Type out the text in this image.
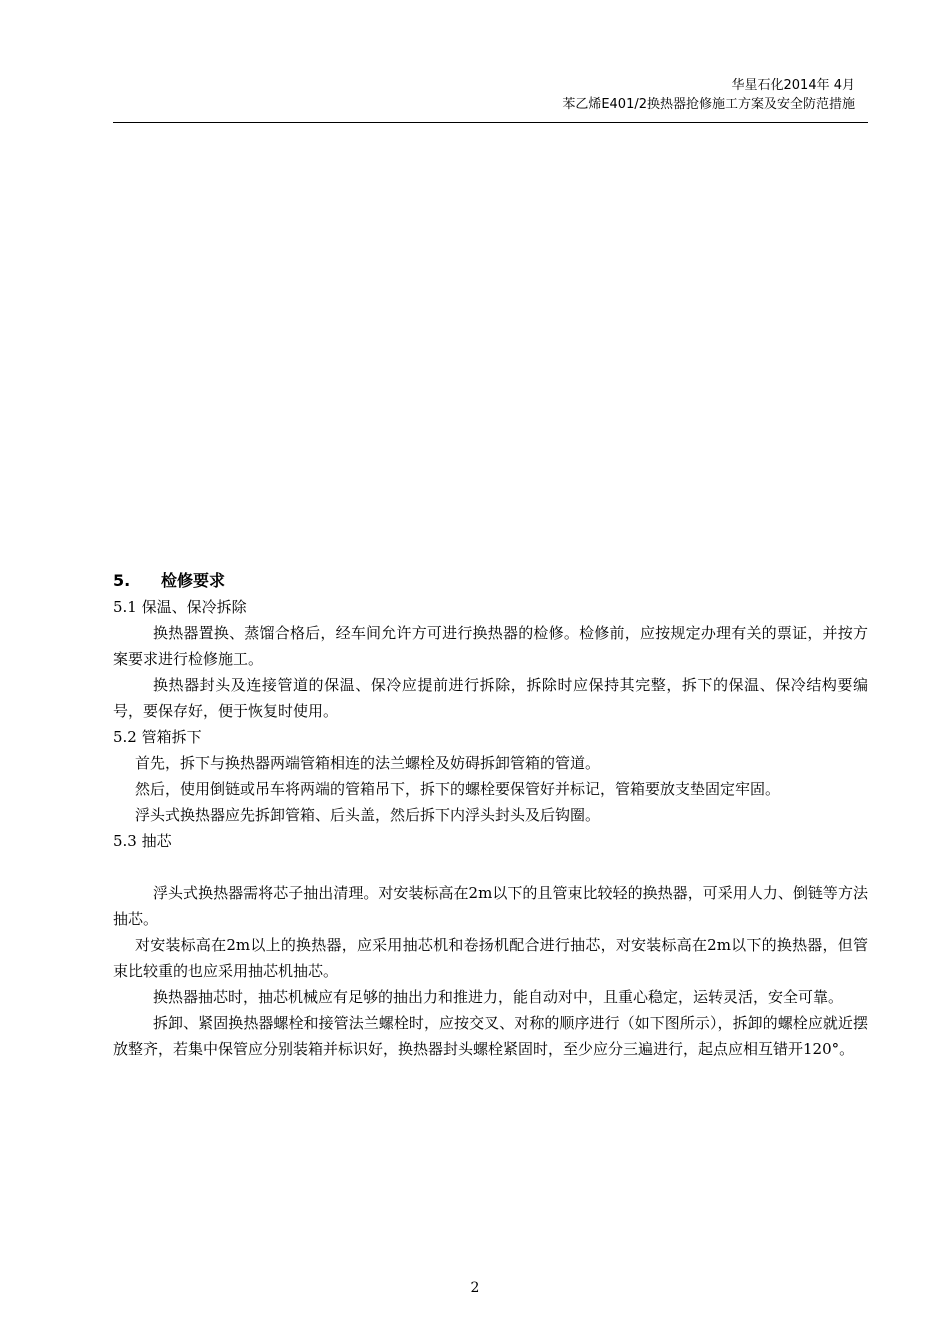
华星石化2014年 4月
苯乙烯E401/2换热器抢修施工方案及安全防范措施
5. 检修要求
5.1 保温、保冷拆除

换热器置换、蒸馏合格后，经车间允许方可进行换热器的检修。检修前，应按规定办理有关的票证，并按方案要求进行检修施工。

换热器封头及连接管道的保温、保冷应提前进行拆除，拆除时应保持其完整，拆下的保温、保冷结构要编号，要保存好，便于恢复时使用。

5.2 管箱拆下

首先，拆下与换热器两端管箱相连的法兰螺栓及妨碍拆卸管箱的管道。

然后，使用倒链或吊车将两端的管箱吊下，拆下的螺栓要保管好并标记，管箱要放支垫固定牢固。

浮头式换热器应先拆卸管箱、后头盖，然后拆下内浮头封头及后钩圈。

5.3 抽芯

浮头式换热器需将芯子抽出清理。对安装标高在2m以下的且管束比较轻的换热器，可采用人力、倒链等方法抽芯。

对安装标高在2m以上的换热器，应采用抽芯机和卷扬机配合进行抽芯，对安装标高在2m以下的换热器，但管束比较重的也应采用抽芯机抽芯。

换热器抽芯时，抽芯机械应有足够的抽出力和推进力，能自动对中，且重心稳定，运转灵活，安全可靠。

拆卸、紧固换热器螺栓和接管法兰螺栓时，应按交叉、对称的顺序进行（如下图所示），拆卸的螺栓应就近摆放整齐，若集中保管应分别装箱并标识好，换热器封头螺栓紧固时，至少应分三遍进行，起点应相互错开120°。

2
